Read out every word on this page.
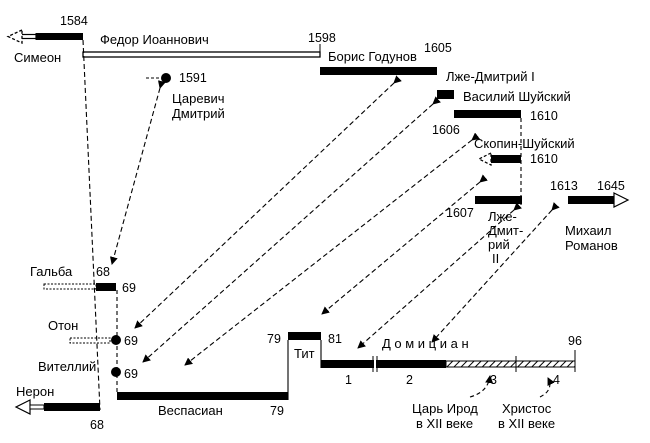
1584
Симеон
Федор Иоаннович	1598
Борис Годунов
1605
Лже-Дмитрий I
Василий Шуйский
1610
1606
Скопин-Шуйский
1610
1591
Царевич
Дмитрий
1607 Лже-
Дмит-
рий
II
1613 1645
Михаил
Романов
Гальба 68
69
Отон
69
Вителлий 69
Нерон
68
Веспасиан	79
79	81
Тит
Д о м и ц и а н	96
1	2	3	4
Царь Ирод
в XII веке
Христос
в XII веке
